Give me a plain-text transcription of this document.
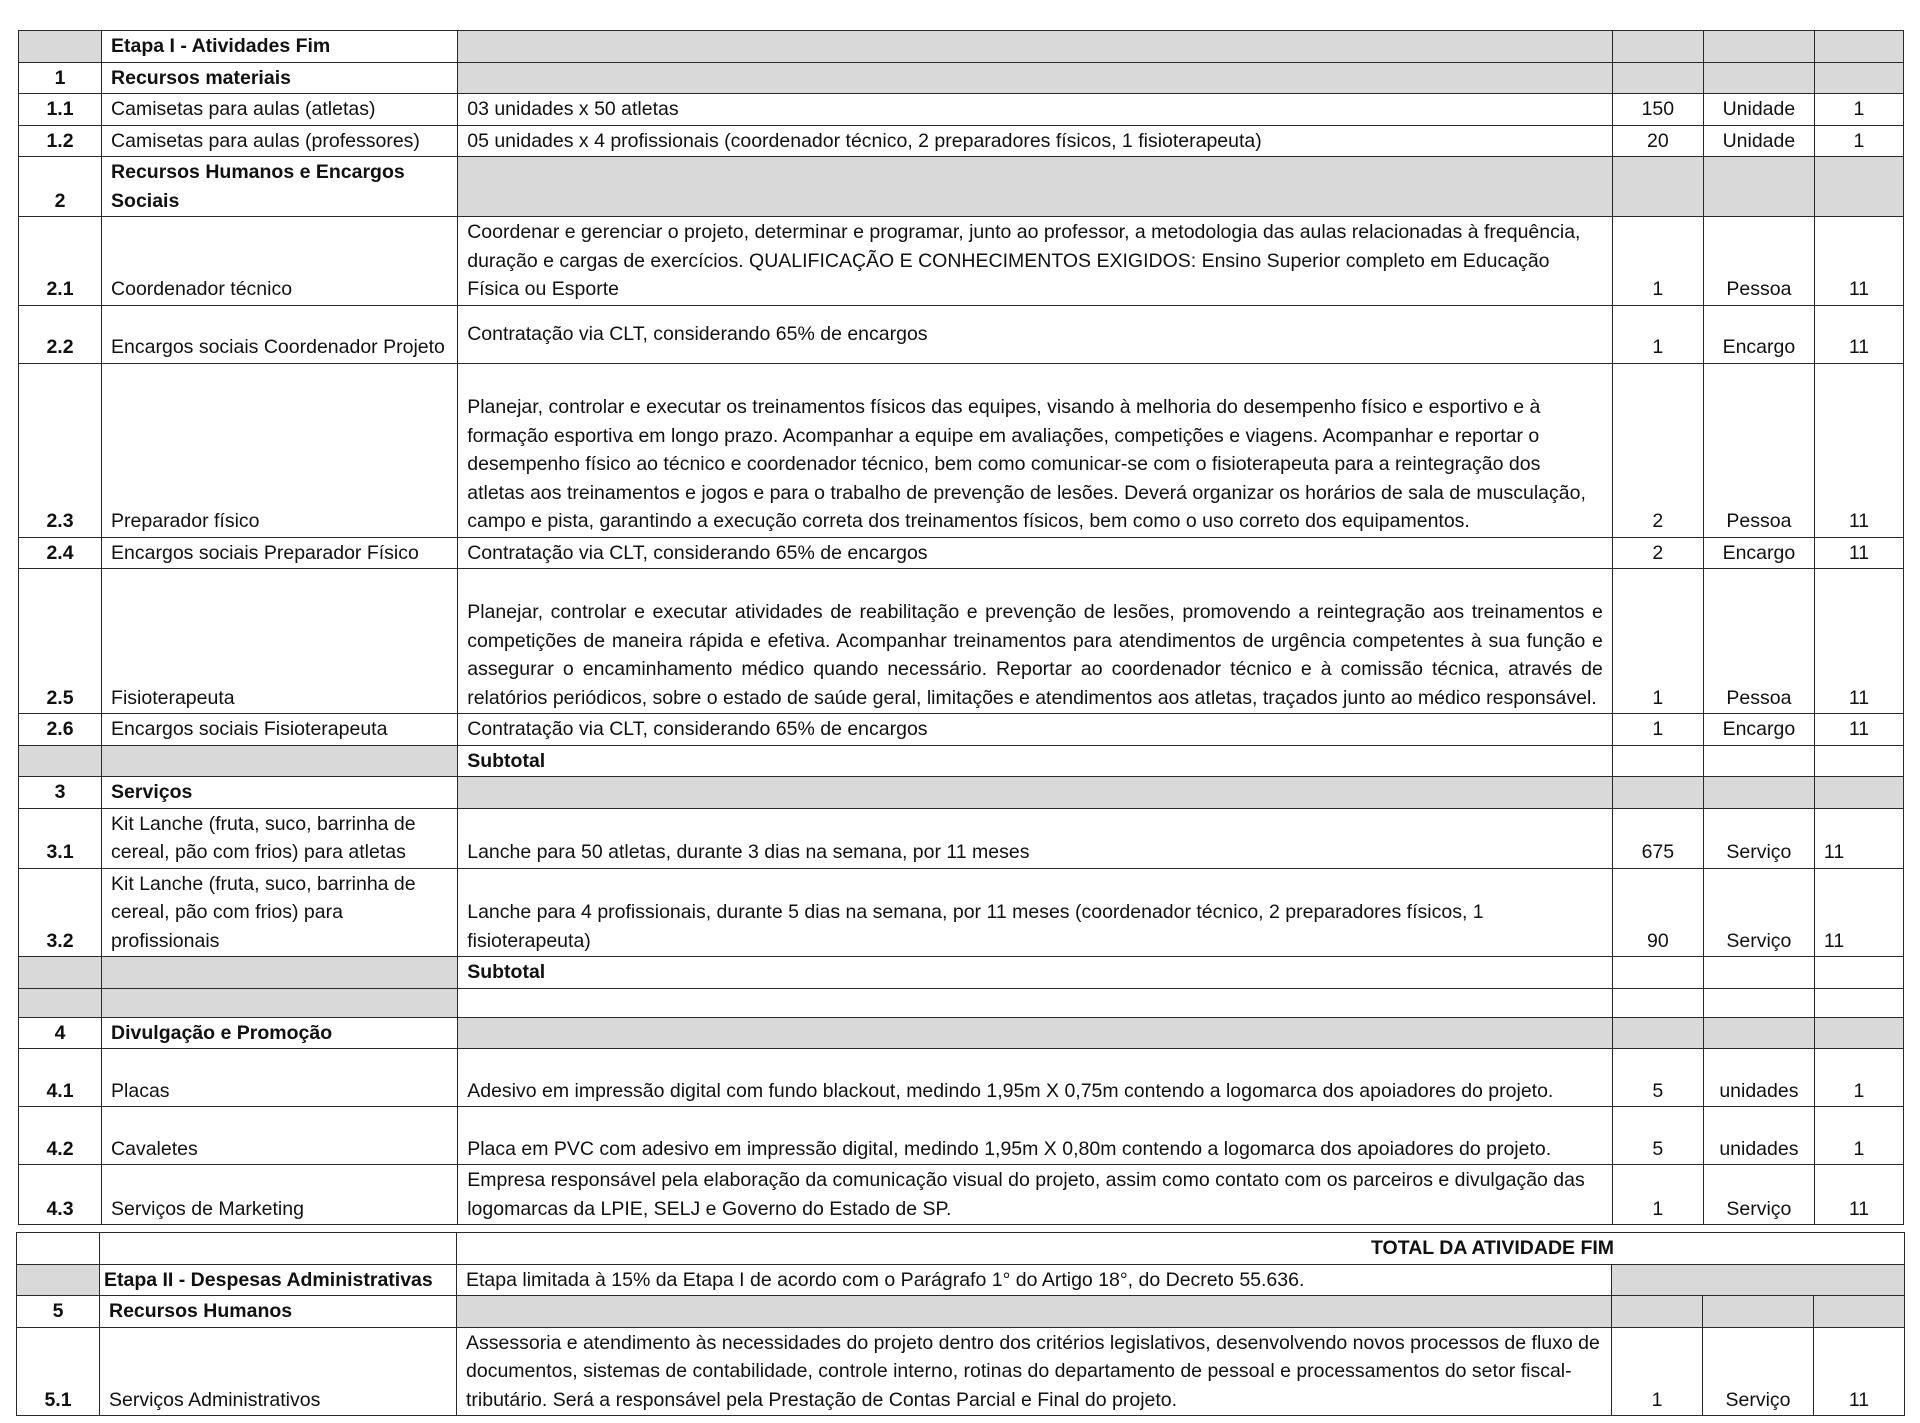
	Etapa I - Atividades Fim				
1	Recursos materiais				
1.1	Camisetas para aulas (atletas)	03 unidades x 50 atletas	150	Unidade	1
1.2	Camisetas para aulas (professores)	05 unidades x 4 profissionais (coordenador técnico, 2 preparadores físicos, 1 fisioterapeuta)	20	Unidade	1
2	Recursos Humanos e Encargos Sociais				
2.1	Coordenador técnico	Coordenar e gerenciar o projeto, determinar e programar, junto ao professor, a metodologia das aulas relacionadas à frequência, duração e cargas de exercícios. QUALIFICAÇÃO E CONHECIMENTOS EXIGIDOS: Ensino Superior completo em Educação Física ou Esporte	1	Pessoa	11
2.2	Encargos sociais Coordenador Projeto	Contratação via CLT, considerando 65% de encargos	1	Encargo	11
2.3	Preparador físico	Planejar, controlar e executar os treinamentos físicos das equipes, visando à melhoria do desempenho físico e esportivo e à formação esportiva em longo prazo. Acompanhar a equipe em avaliações, competições e viagens. Acompanhar e reportar o desempenho físico ao técnico e coordenador técnico, bem como comunicar-se com o fisioterapeuta para a reintegração dos atletas aos treinamentos e jogos e para o trabalho de prevenção de lesões. Deverá organizar os horários de sala de musculação, campo e pista, garantindo a execução correta dos treinamentos físicos, bem como o uso correto dos equipamentos.	2	Pessoa	11
2.4	Encargos sociais Preparador Físico	Contratação via CLT, considerando 65% de encargos	2	Encargo	11
2.5	Fisioterapeuta	Planejar, controlar e executar atividades de reabilitação e prevenção de lesões, promovendo a reintegração aos treinamentos e competições de maneira rápida e efetiva. Acompanhar treinamentos para atendimentos de urgência competentes à sua função e assegurar o encaminhamento médico quando necessário. Reportar ao coordenador técnico e à comissão técnica, através de relatórios periódicos, sobre o estado de saúde geral, limitações e atendimentos aos atletas, traçados junto ao médico responsável.	1	Pessoa	11
2.6	Encargos sociais Fisioterapeuta	Contratação via CLT, considerando 65% de encargos	1	Encargo	11
		Subtotal			
3	Serviços				
3.1	Kit Lanche (fruta, suco, barrinha de cereal, pão com frios) para atletas	Lanche para 50 atletas, durante 3 dias na semana, por 11 meses	675	Serviço	11
3.2	Kit Lanche (fruta, suco, barrinha de cereal, pão com frios) para profissionais	Lanche para 4 profissionais, durante 5 dias na semana, por 11 meses (coordenador técnico, 2 preparadores físicos, 1 fisioterapeuta)	90	Serviço	11
		Subtotal			

4	Divulgação e Promoção				
4.1	Placas	Adesivo em impressão digital com fundo blackout, medindo 1,95m X 0,75m contendo a logomarca dos apoiadores do projeto.	5	unidades	1
4.2	Cavaletes	Placa em PVC com adesivo em impressão digital, medindo 1,95m X 0,80m contendo a logomarca dos apoiadores do projeto.	5	unidades	1
4.3	Serviços de Marketing	Empresa responsável pela elaboração da comunicação visual do projeto, assim como contato com os parceiros e divulgação das logomarcas da LPIE, SELJ e Governo do Estado de SP.	1	Serviço	11
		TOTAL DA ATIVIDADE FIM			
	Etapa II - Despesas Administrativas	Etapa limitada à 15% da Etapa I de acordo com o Parágrafo 1° do Artigo 18°, do Decreto 55.636.			
5	Recursos Humanos				
5.1	Serviços Administrativos	Assessoria e atendimento às necessidades do projeto dentro dos critérios legislativos, desenvolvendo novos processos de fluxo de documentos, sistemas de contabilidade, controle interno, rotinas do departamento de pessoal e processamentos do setor fiscal-tributário. Será a responsável pela Prestação de Contas Parcial e Final do projeto.	1	Serviço	11
